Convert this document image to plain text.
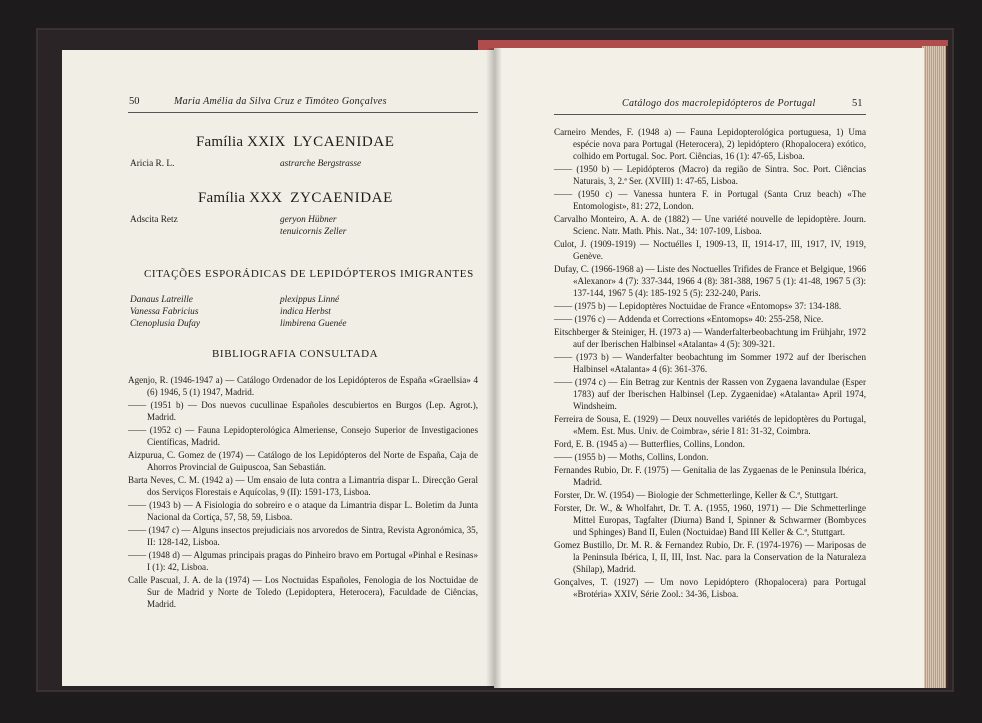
50	Maria Amélia da Silva Cruz e Timóteo Gonçalves
Família XXIX LYCAENIDAE
Aricia R. L.	astrarche Bergstrasse
Família XXX ZYCAENIDAE
Adscita Retz	geryon Hübner
tenuicornis Zeller
CITAÇÕES ESPORÁDICAS DE LEPIDÓPTEROS IMIGRANTES
Danaus Latreille	plexippus Linné
Vanessa Fabricius	indica Herbst
Ctenoplusia Dufay	limbirena Guenée
BIBLIOGRAFIA CONSULTADA

Agenjo, R. (1946-1947 a) — Catálogo Ordenador de los Lepidópteros de España «Graellsia» 4 (6) 1946, 5 (1) 1947, Madrid.

—— (1951 b) — Dos nuevos cucullinae Españoles descubiertos en Burgos (Lep. Agrot.), Madrid.

—— (1952 c) — Fauna Lepidopterológica Almeriense, Consejo Superior de Investigaciones Científicas, Madrid.

Aizpurua, C. Gomez de (1974) — Catálogo de los Lepidópteros del Norte de España, Caja de Ahorros Provincial de Guipuscoa, San Sebastián.

Barta Neves, C. M. (1942 a) — Um ensaio de luta contra a Limantria dispar L. Direcção Geral dos Serviços Florestais e Aquícolas, 9 (II): 1591-173, Lisboa.

—— (1943 b) — A Fisiologia do sobreiro e o ataque da Limantria dispar L. Boletim da Junta Nacional da Cortiça, 57, 58, 59, Lisboa.

—— (1947 c) — Alguns insectos prejudiciais nos arvoredos de Sintra, Revista Agronómica, 35, II: 128-142, Lisboa.

—— (1948 d) — Algumas principais pragas do Pinheiro bravo em Portugal «Pinhal e Resinas» I (1): 42, Lisboa.

Calle Pascual, J. A. de la (1974) — Los Noctuidas Españoles, Fenologia de los Noctuidae de Sur de Madrid y Norte de Toledo (Lepidoptera, Heterocera), Faculdade de Ciências, Madrid.

Catálogo dos macrolepidópteros de Portugal	51

Carneiro Mendes, F. (1948 a) — Fauna Lepidopterológica portuguesa, 1) Uma espécie nova para Portugal (Heterocera), 2) lepidóptero (Rhopalocera) exótico, colhido em Portugal. Soc. Port. Ciências, 16 (1): 47-65, Lisboa.

—— (1950 b) — Lepidópteros (Macro) da região de Sintra. Soc. Port. Ciências Naturais, 3, 2.ª Ser. (XVIII) 1: 47-65, Lisboa.

—— (1950 c) — Vanessa huntera F. in Portugal (Santa Cruz beach) «The Entomologist», 81: 272, London.

Carvalho Monteiro, A. A. de (1882) — Une variété nouvelle de lepidoptère. Journ. Scienc. Natr. Math. Phis. Nat., 34: 107-109, Lisboa.

Culot, J. (1909-1919) — Noctuélles I, 1909-13, II, 1914-17, III, 1917, IV, 1919, Genève.

Dufay, C. (1966-1968 a) — Liste des Noctuelles Trifides de France et Belgique, 1966 «Alexanor» 4 (7): 337-344, 1966 4 (8): 381-388, 1967 5 (1): 41-48, 1967 5 (3): 137-144, 1967 5 (4): 185-192 5 (5): 232-240, Paris.

—— (1975 b) — Lepidoptères Noctuidae de France «Entomops» 37: 134-188.

—— (1976 c) — Addenda et Corrections «Entomops» 40: 255-258, Nice.

Eitschberger & Steiniger, H. (1973 a) — Wanderfalterbeobachtung im Frühjahr, 1972 auf der Iberischen Halbinsel «Atalanta» 4 (5): 309-321.

—— (1973 b) — Wanderfalter beobachtung im Sommer 1972 auf der Iberischen Halbinsel «Atalanta» 4 (6): 361-376.

—— (1974 c) — Ein Betrag zur Kentnis der Rassen von Zygaena lavandulae (Esper 1783) auf der Iberischen Halbinsel (Lep. Zygaenidae) «Atalanta» April 1974, Windsheim.

Ferreira de Sousa, E. (1929) — Deux nouvelles variétés de lepidoptères du Portugal, «Mem. Est. Mus. Univ. de Coimbra», série I 81: 31-32, Coimbra.

Ford, E. B. (1945 a) — Butterflies, Collins, London.

—— (1955 b) — Moths, Collins, London.

Fernandes Rubio, Dr. F. (1975) — Genitalia de las Zygaenas de le Peninsula Ibérica, Madrid.

Forster, Dr. W. (1954) — Biologie der Schmetterlinge, Keller & C.ª, Stuttgart.

Forster, Dr. W., & Wholfahrt, Dr. T. A. (1955, 1960, 1971) — Die Schmetterlinge Mittel Europas, Tagfalter (Diurna) Band I, Spinner & Schwarmer (Bombyces und Sphinges) Band II, Eulen (Noctuidae) Band III Keller & C.ª, Stuttgart.

Gomez Bustillo, Dr. M. R. & Fernandez Rubio, Dr. F. (1974-1976) — Mariposas de la Peninsula Ibérica, I, II, III, Inst. Nac. para la Conservation de la Naturaleza (Shilap), Madrid.

Gonçalves, T. (1927) — Um novo Lepidóptero (Rhopalocera) para Portugal «Brotéria» XXIV, Série Zool.: 34-36, Lisboa.
